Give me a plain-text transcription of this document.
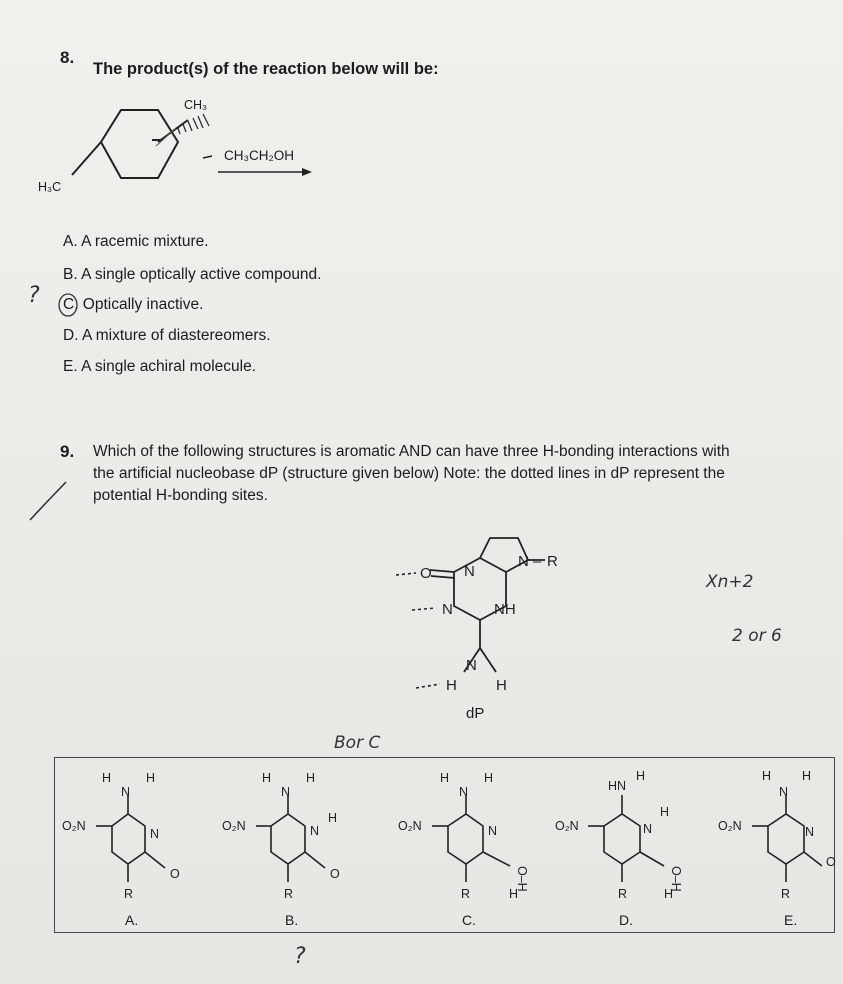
8.
The product(s) of the reaction below will be:
CH₃
H₃C
CH₃CH₂OH
A. A racemic mixture.
B. A single optically active compound.
C. Optically inactive.
D. A mixture of diastereomers.
E. A single achiral molecule.
?
9. Which of the following structures is aromatic AND can have three H-bonding interactions with
the artificial nucleobase dP (structure given below) Note: the dotted lines in dP represent the
potential H-bonding sites.
O N
N – R
N	NH
N
H	H
dP
Xn+2
2 or 6
Bor C
?
H
N
H
N
O
O₂N
R
H
N
H
N
H
O
O₂N
R
H
N
H
N
O–H
O₂N
R	H
HN
H
N
H
O–H
O₂N
R	H
H
N
H
N
O
O₂N
R
A.	B.	C.	D.	E.
